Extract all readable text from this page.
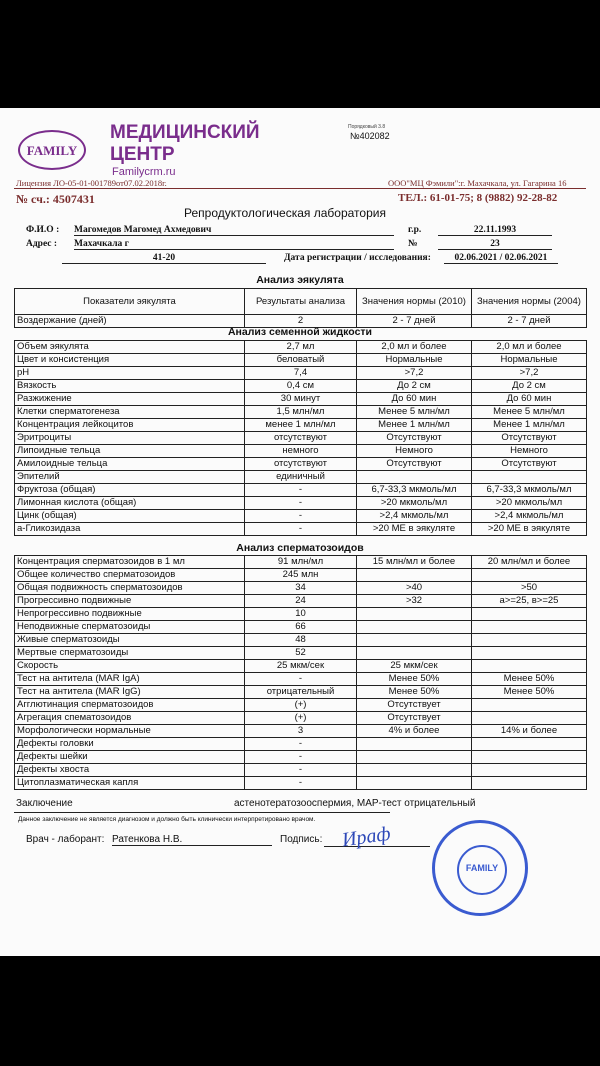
FAMILY
МЕДИЦИНСКИЙ
ЦЕНТР
Familycrm.ru
Порядковый 3.8
№402082
Лицензия ЛО-05-01-001789от07.02.2018г.	ООО"МЦ Фэмили":г. Махачкала, ул. Гагарина 16
№ сч.: 4507431	ТЕЛ.: 61-01-75; 8 (9882) 92-28-82
Репродуктологическая лаборатория
Ф.И.О : Магомедов Магомед Ахмедович	г.р.	22.11.1993
Адрес : Махачкала г	№	23
41-20	Дата регистрации / исследования:	02.06.2021 / 02.06.2021
Анализ эякулята
Показатели эякулята	Результаты анализа	Значения нормы (2010)	Значения нормы (2004)
Воздержание (дней)	2	2 - 7 дней	2 - 7 дней
Анализ семенной жидкости
Объем эякулята	2,7 мл	2,0 мл и более	2,0 мл и более
Цвет и консистенция	беловатый	Нормальные	Нормальные
pH	7,4	>7,2	>7,2
Вязкость	0,4 см	До 2 см	До 2 см
Разжижение	30 минут	До 60 мин	До 60 мин
Клетки сперматогенеза	1,5 млн/мл	Менее 5 млн/мл	Менее 5 млн/мл
Концентрация лейкоцитов	менее 1 млн/мл	Менее 1 млн/мл	Менее 1 млн/мл
Эритроциты	отсутствуют	Отсутствуют	Отсутствуют
Липоидные тельца	немного	Немного	Немного
Амилоидные тельца	отсутствуют	Отсутствуют	Отсутствуют
Эпителий	единичный		
Фруктоза (общая)	-	6,7-33,3 мкмоль/мл	6,7-33,3 мкмоль/мл
Лимонная кислота (общая)	-	>20 мкмоль/мл	>20 мкмоль/мл
Цинк (общая)	-	>2,4 мкмоль/мл	>2,4 мкмоль/мл
а-Гликозидаза	-	>20 МЕ в эякуляте	>20 МЕ в эякуляте
Анализ сперматозоидов
Концентрация сперматозоидов в 1 мл	91 млн/мл	15 млн/мл и более	20 млн/мл и более
Общее количество сперматозоидов	245 млн		
Общая подвижность сперматозоидов	34	>40	>50
Прогрессивно подвижные	24	>32	a>=25, в>=25
Непрогрессивно подвижные	10		
Неподвижные сперматозоиды	66		
Живые сперматозоиды	48		
Мертвые сперматозоиды	52		
Скорость	25 мкм/сек	25 мкм/сек	
Тест на антитела (MAR IgA)	-	Менее 50%	Менее 50%
Тест на антитела (MAR IgG)	отрицательный	Менее 50%	Менее 50%
Агглютинация сперматозоидов	(+)	Отсутствует	
Агрегация спематозоидов	(+)	Отсутствует	
Морфологически нормальные	3	4% и более	14% и более
Дефекты головки	-		
Дефекты шейки	-		
Дефекты хвоста	-		
Цитоплазматическая капля	-		
Заключение	астенотератозооспермия, МАР-тест отрицательный
Данное заключение не является диагнозом и должно быть клинически интерпретировано врачом.
Врач - лаборант: Ратенкова Н.В.	Подпись: Ираф
FAMILY
